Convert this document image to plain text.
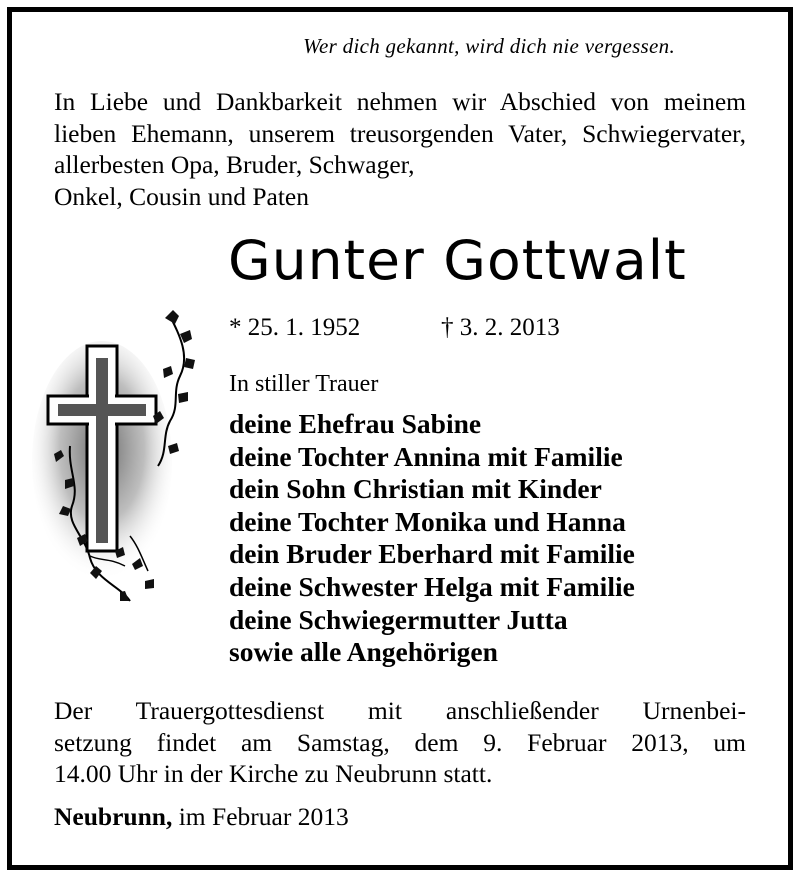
Wer dich gekannt, wird dich nie vergessen.

In Liebe und Dankbarkeit nehmen wir Abschied von meinem lieben Ehemann, unserem treusorgenden Vater, Schwiegervater, allerbesten Opa, Bruder, Schwager,
Onkel, Cousin und Paten

Gunter Gottwalt
* 25. 1. 1952	† 3. 2. 2013
In stiller Trauer
deine Ehefrau Sabine
deine Tochter Annina mit Familie
dein Sohn Christian mit Kinder
deine Tochter Monika und Hanna
dein Bruder Eberhard mit Familie
deine Schwester Helga mit Familie
deine Schwiegermutter Jutta
sowie alle Angehörigen

Der Trauergottesdienst mit anschließender Urnenbei-
setzung findet am Samstag, dem 9. Februar 2013, um
14.00 Uhr in der Kirche zu Neubrunn statt.

Neubrunn, im Februar 2013
